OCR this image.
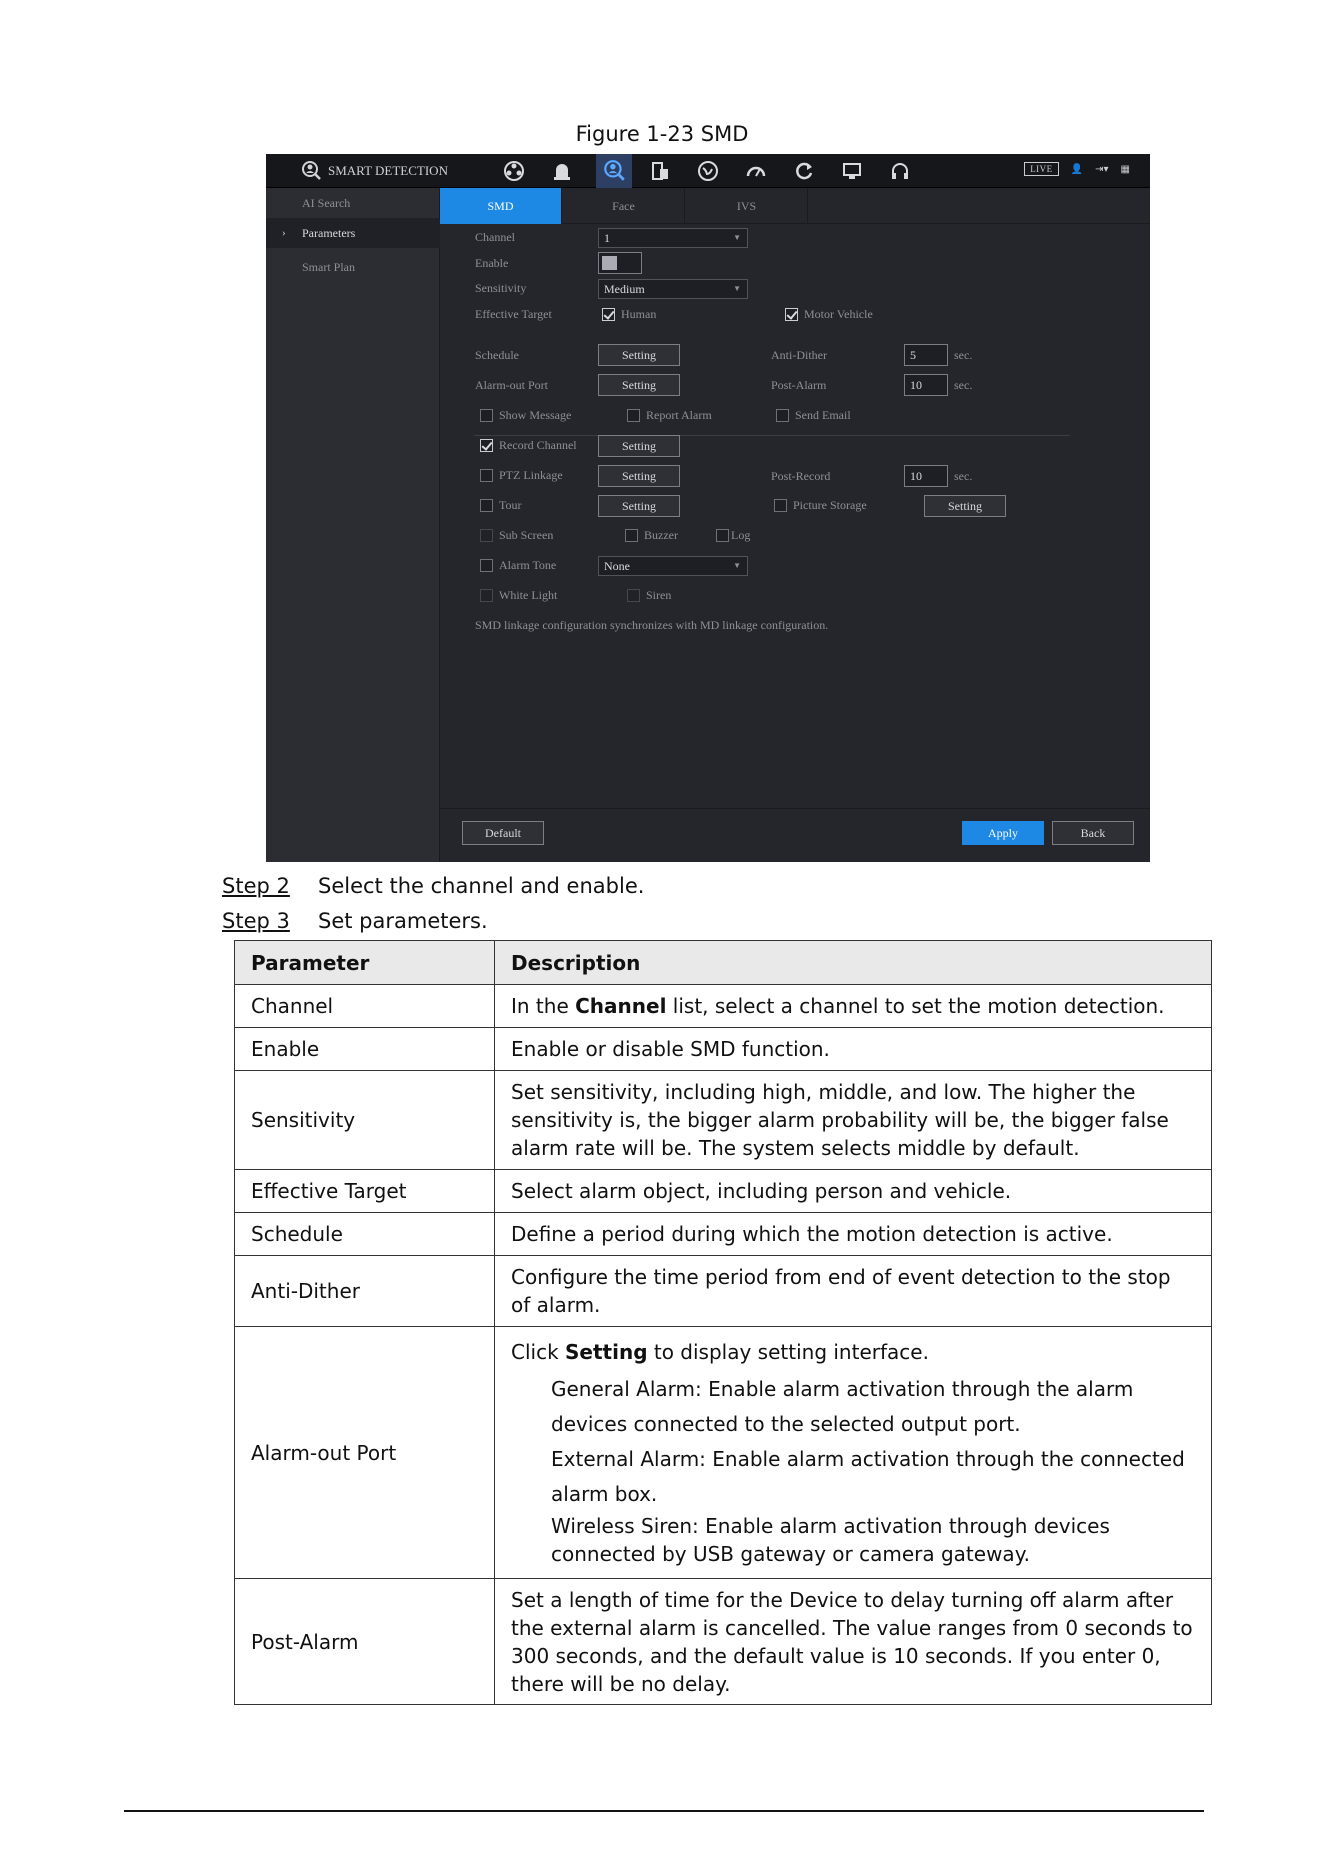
Figure 1-23 SMD
SMART DETECTION	LIVE	👤 ⇥▾ ▦
AI Search
› Parameters
Smart Plan
SMD	Face	IVS
Channel	1	▼
Enable
Sensitivity	Medium	▼
Effective Target	Human	Motor Vehicle
Schedule	Setting	Anti-Dither	5	sec.
Alarm-out Port	Setting	Post-Alarm	10	sec.
Show Message	Report Alarm	Send Email
Record Channel	Setting
PTZ Linkage	Setting	Post-Record	10	sec.
Tour	Setting	Picture Storage	Setting
Sub Screen	Buzzer	Log
Alarm Tone	None	▼
White Light	Siren
SMD linkage configuration synchronizes with MD linkage configuration.
Default	Apply	Back
Step 2 Select the channel and enable.
Step 3 Set parameters.
Parameter	Description
Channel	In the Channel list, select a channel to set the motion detection.
Enable	Enable or disable SMD function.
Sensitivity	Set sensitivity, including high, middle, and low. The higher the sensitivity is, the bigger alarm probability will be, the bigger false alarm rate will be. The system selects middle by default.
Effective Target	Select alarm object, including person and vehicle.
Schedule	Define a period during which the motion detection is active.
Anti-Dither	Configure the time period from end of event detection to the stop of alarm.
Alarm-out Port	Click Setting to display setting interface.
General Alarm: Enable alarm activation through the alarm devices connected to the selected output port.
External Alarm: Enable alarm activation through the connected alarm box.
Wireless Siren: Enable alarm activation through devices connected by USB gateway or camera gateway.

Post-Alarm	Set a length of time for the Device to delay turning off alarm after the external alarm is cancelled. The value ranges from 0 seconds to 300 seconds, and the default value is 10 seconds. If you enter 0, there will be no delay.
